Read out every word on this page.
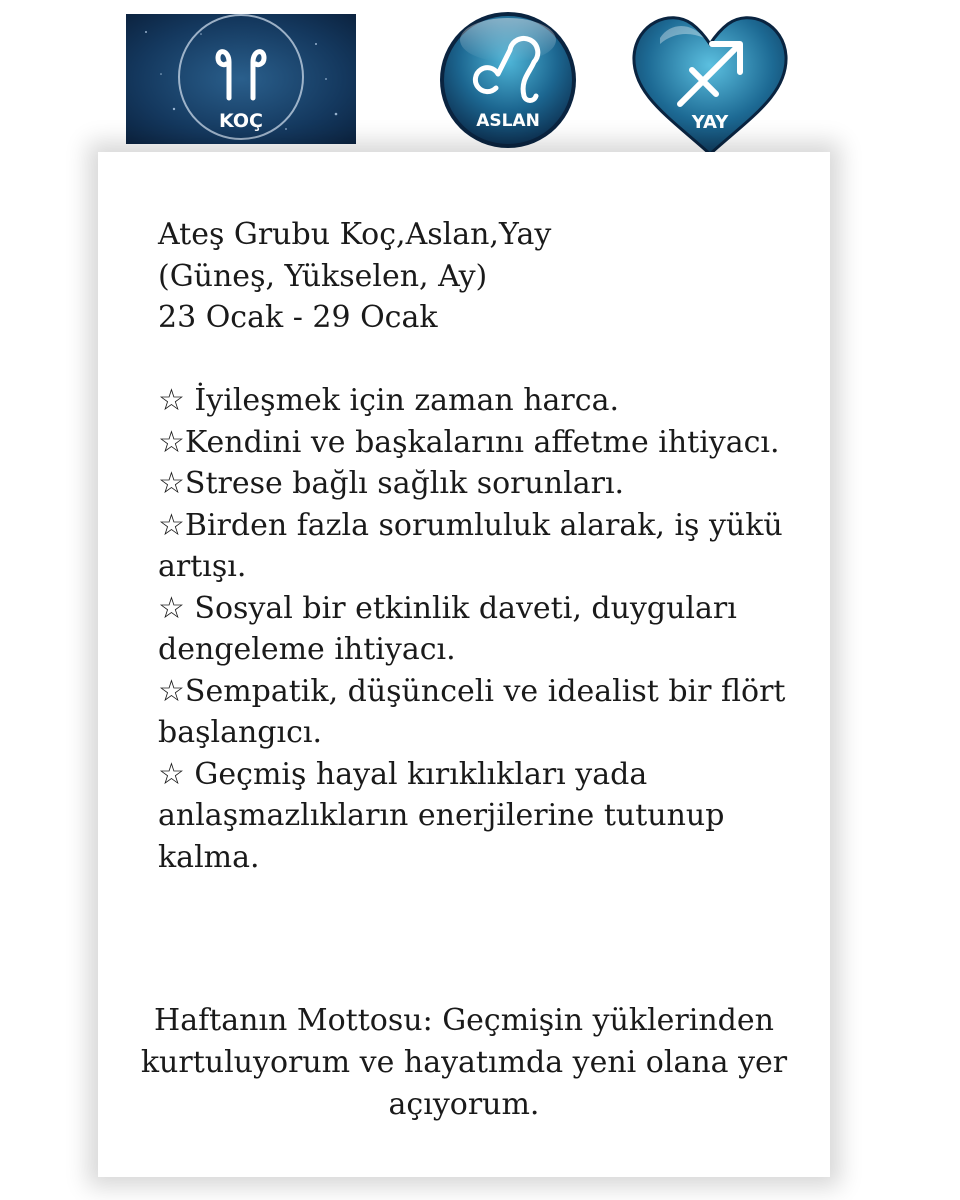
KOÇ	ASLAN	YAY

Ateş Grubu Koç,Aslan,Yay

(Güneş, Yükselen, Ay)

23 Ocak - 29 Ocak

☆ İyileşmek için zaman harca.

☆Kendini ve başkalarını affetme ihtiyacı.

☆Strese bağlı sağlık sorunları.

☆Birden fazla sorumluluk alarak, iş yükü artışı.

☆ Sosyal bir etkinlik daveti, duyguları dengeleme ihtiyacı.

☆Sempatik, düşünceli ve idealist bir flört başlangıcı.

☆ Geçmiş hayal kırıklıkları yada anlaşmazlıkların enerjilerine tutunup kalma.

Haftanın Mottosu: Geçmişin yüklerinden kurtuluyorum ve hayatımda yeni olana yer açıyorum.
